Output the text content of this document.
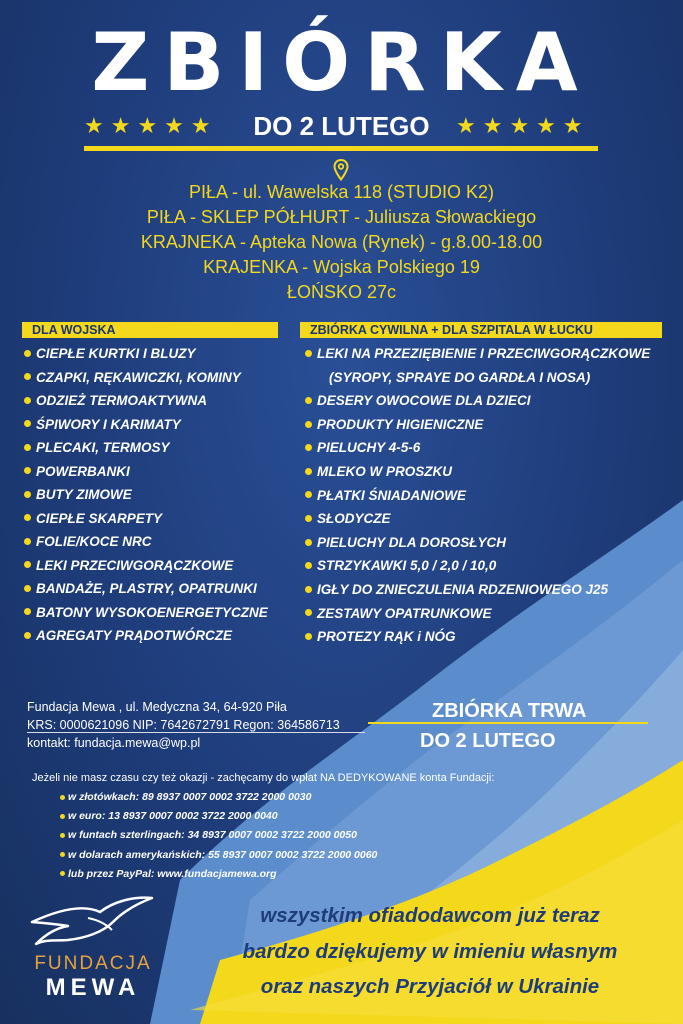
ZBIÓRKA
★★★★★	DO 2 LUTEGO	★★★★★
PIŁA - ul. Wawelska 118 (STUDIO K2)
PIŁA - SKLEP PÓŁHURT - Juliusza Słowackiego
KRAJNEKA - Apteka Nowa (Rynek) - g.8.00-18.00
KRAJENKA - Wojska Polskiego 19
ŁOŃSKO 27c
DLA WOJSKA	ZBIÓRKA CYWILNA + DLA SZPITALA W ŁUCKU
CIEPŁE KURTKI I BLUZY
CZAPKI, RĘKAWICZKI, KOMINY
ODZIEŻ TERMOAKTYWNA
ŚPIWORY I KARIMATY
PLECAKI, TERMOSY
POWERBANKI
BUTY ZIMOWE
CIEPŁE SKARPETY
FOLIE/KOCE NRC
LEKI PRZECIWGORĄCZKOWE
BANDAŻE, PLASTRY, OPATRUNKI
BATONY WYSOKOENERGETYCZNE
AGREGATY PRĄDOTWÓRCZE
LEKI NA PRZEZIĘBIENIE I PRZECIWGORĄCZKOWE
(SYROPY, SPRAYE DO GARDŁA I NOSA)
DESERY OWOCOWE DLA DZIECI
PRODUKTY HIGIENICZNE
PIELUCHY 4-5-6
MLEKO W PROSZKU
PŁATKI ŚNIADANIOWE
SŁODYCZE
PIELUCHY DLA DOROSŁYCH
STRZYKAWKI 5,0 / 2,0 / 10,0
IGŁY DO ZNIECZULENIA RDZENIOWEGO J25
ZESTAWY OPATRUNKOWE
PROTEZY RĄK i NÓG
Fundacja Mewa , ul. Medyczna 34, 64-920 Piła
KRS: 0000621096 NIP: 7642672791 Regon: 364586713
kontakt: fundacja.mewa@wp.pl
ZBIÓRKA TRWA
DO 2 LUTEGO
Jeżeli nie masz czasu czy też okazji - zachęcamy do wpłat NA DEDYKOWANE konta Fundacji:
w złotówkach: 89 8937 0007 0002 3722 2000 0030
w euro: 13 8937 0007 0002 3722 2000 0040
w funtach szterlingach: 34 8937 0007 0002 3722 2000 0050
w dolarach amerykańskich: 55 8937 0007 0002 3722 2000 0060
lub przez PayPal: www.fundacjamewa.org
FUNDACJA
MEWA
wszystkim ofiadodawcom już teraz
bardzo dziękujemy w imieniu własnym
oraz naszych Przyjaciół w Ukrainie
